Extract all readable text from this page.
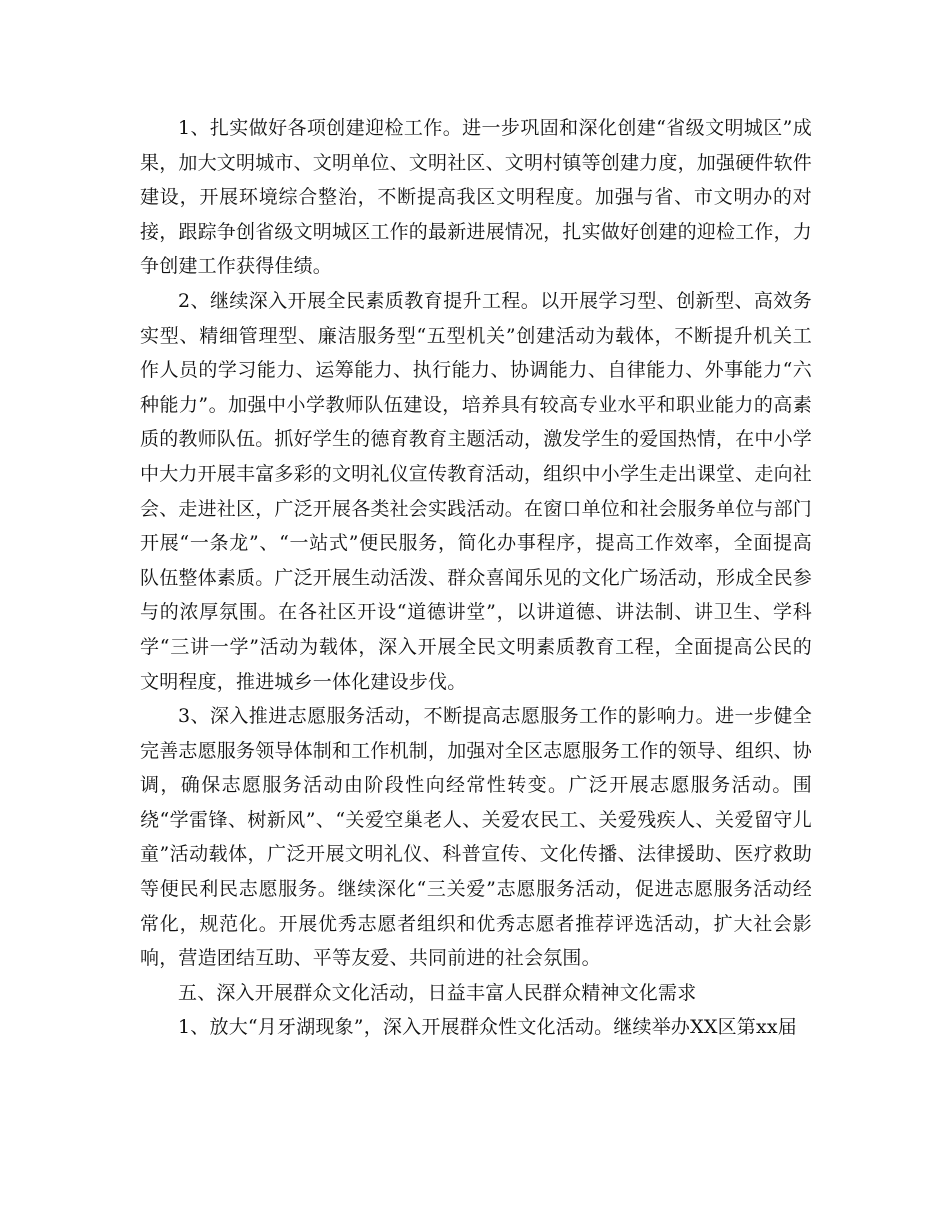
1、扎实做好各项创建迎检工作。进一步巩固和深化创建“省级文明城区”成果，加大文明城市、文明单位、文明社区、文明村镇等创建力度，加强硬件软件建设，开展环境综合整治，不断提高我区文明程度。加强与省、市文明办的对接，跟踪争创省级文明城区工作的最新进展情况，扎实做好创建的迎检工作，力争创建工作获得佳绩。

2、继续深入开展全民素质教育提升工程。以开展学习型、创新型、高效务实型、精细管理型、廉洁服务型“五型机关”创建活动为载体，不断提升机关工作人员的学习能力、运筹能力、执行能力、协调能力、自律能力、外事能力“六种能力”。加强中小学教师队伍建设，培养具有较高专业水平和职业能力的高素质的教师队伍。抓好学生的德育教育主题活动，激发学生的爱国热情，在中小学中大力开展丰富多彩的文明礼仪宣传教育活动，组织中小学生走出课堂、走向社会、走进社区，广泛开展各类社会实践活动。在窗口单位和社会服务单位与部门开展“一条龙”、“一站式”便民服务，简化办事程序，提高工作效率，全面提高队伍整体素质。广泛开展生动活泼、群众喜闻乐见的文化广场活动，形成全民参与的浓厚氛围。在各社区开设“道德讲堂”，以讲道德、讲法制、讲卫生、学科学“三讲一学”活动为载体，深入开展全民文明素质教育工程，全面提高公民的文明程度，推进城乡一体化建设步伐。

3、深入推进志愿服务活动，不断提高志愿服务工作的影响力。进一步健全完善志愿服务领导体制和工作机制，加强对全区志愿服务工作的领导、组织、协调，确保志愿服务活动由阶段性向经常性转变。广泛开展志愿服务活动。围绕“学雷锋、树新风”、“关爱空巢老人、关爱农民工、关爱残疾人、关爱留守儿童”活动载体，广泛开展文明礼仪、科普宣传、文化传播、法律援助、医疗救助等便民利民志愿服务。继续深化“三关爱”志愿服务活动，促进志愿服务活动经常化，规范化。开展优秀志愿者组织和优秀志愿者推荐评选活动，扩大社会影响，营造团结互助、平等友爱、共同前进的社会氛围。

五、深入开展群众文化活动，日益丰富人民群众精神文化需求

1、放大“月牙湖现象”，深入开展群众性文化活动。继续举办XX区第xx届
